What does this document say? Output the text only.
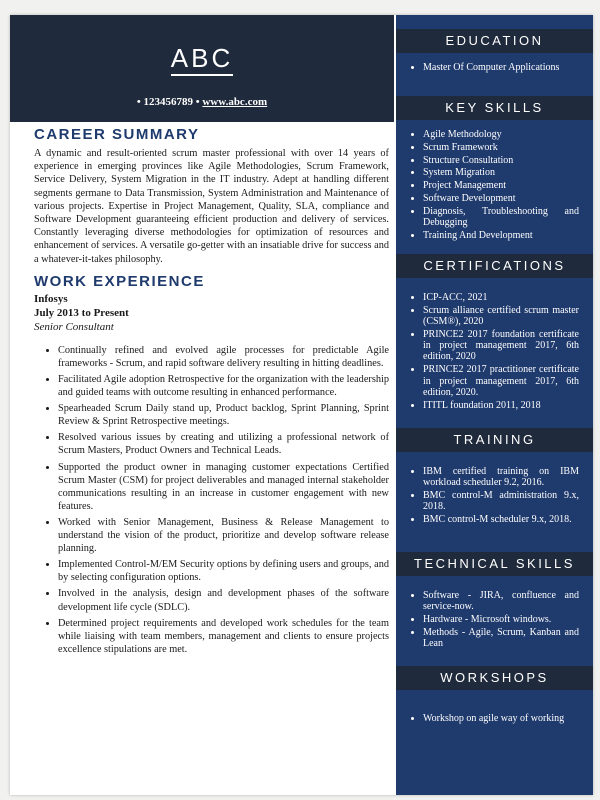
ABC
• 123456789 • www.abc.com
CAREER SUMMARY

A dynamic and result-oriented scrum master professional with over 14 years of experience in emerging provinces like Agile Methodologies, Scrum Framework, Service Delivery, System Migration in the IT industry. Adept at handling different segments germane to Data Transmission, System Administration and Maintenance of various projects. Expertise in Project Management, Quality, SLA, compliance and Software Development guaranteeing efficient production and delivery of services. Constantly leveraging diverse methodologies for optimization of resources and enhancement of services. A versatile go-getter with an insatiable drive for success and a whatever-it-takes philosophy.

WORK EXPERIENCE
Infosys
July 2013 to Present
Senior Consultant
• Continually refined and evolved agile processes for predictable Agile frameworks - Scrum, and rapid software delivery resulting in hitting deadlines.
• Facilitated Agile adoption Retrospective for the organization with the leadership and guided teams with outcome resulting in enhanced performance.
• Spearheaded Scrum Daily stand up, Product backlog, Sprint Planning, Sprint Review & Sprint Retrospective meetings.
• Resolved various issues by creating and utilizing a professional network of Scrum Masters, Product Owners and Technical Leads.
• Supported the product owner in managing customer expectations Certified Scrum Master (CSM) for project deliverables and managed internal stakeholder communications resulting in an increase in customer engagement with new features.
• Worked with Senior Management, Business & Release Management to understand the vision of the product, prioritize and develop software release planning.
• Implemented Control-M/EM Security options by defining users and groups, and by selecting configuration options.
• Involved in the analysis, design and development phases of the software development life cycle (SDLC).
• Determined project requirements and developed work schedules for the team while liaising with team members, management and clients to ensure projects excellence stipulations are met.
EDUCATION
• Master Of Computer Applications
KEY SKILLS
• Agile Methodology
• Scrum Framework
• Structure Consultation
• System Migration
• Project Management
• Software Development
• Diagnosis, Troubleshooting and Debugging
• Training And Development
CERTIFICATIONS
• ICP-ACC, 2021
• Scrum alliance certified scrum master (CSM®), 2020
• PRINCE2 2017 foundation certificate in project management 2017, 6th edition, 2020
• PRINCE2 2017 practitioner certificate in project management 2017, 6th edition, 2020.
• ITITL foundation 2011, 2018
TRAINING
• IBM certified training on IBM workload scheduler 9.2, 2016.
• BMC control-M administration 9.x, 2018.
• BMC control-M scheduler 9.x, 2018.
TECHNICAL SKILLS
• Software - JIRA, confluence and service-now.
• Hardware - Microsoft windows.
• Methods - Agile, Scrum, Kanban and Lean
WORKSHOPS
• Workshop on agile way of working
